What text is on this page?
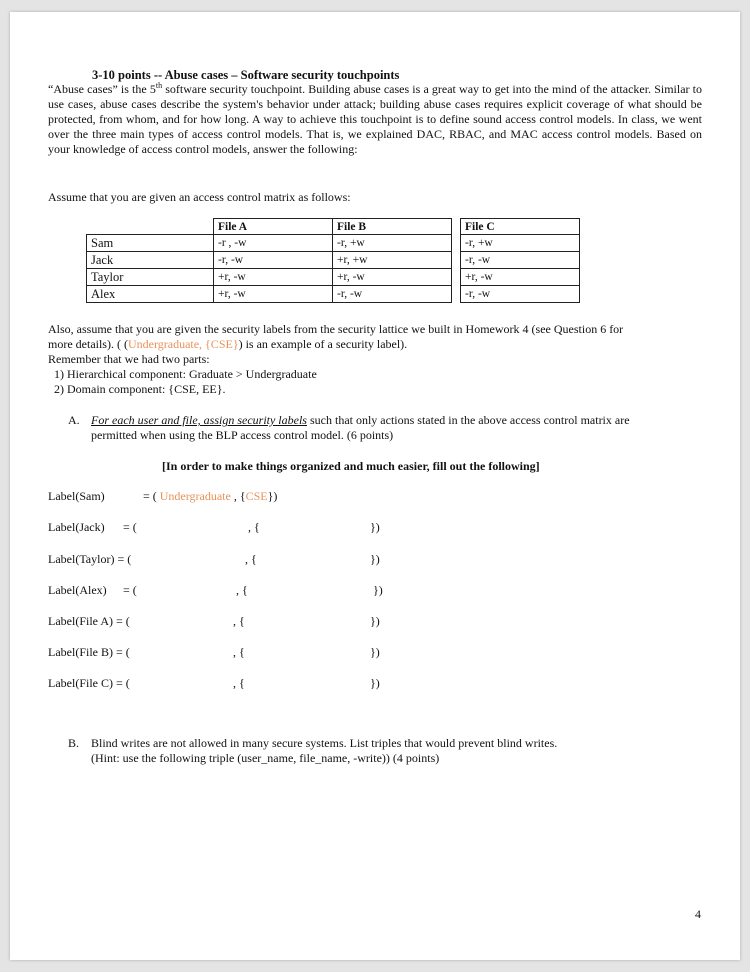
3-10 points -- Abuse cases – Software security touchpoints
“Abuse cases” is the 5th software security touchpoint. Building abuse cases is a great way to get into the mind of the attacker. Similar to use cases, abuse cases describe the system's behavior under attack; building abuse cases requires explicit coverage of what should be protected, from whom, and for how long. A way to achieve this touchpoint is to define sound access control models. In class, we went over the three main types of access control models. That is, we explained DAC, RBAC, and MAC access control models. Based on your knowledge of access control models, answer the following:
Assume that you are given an access control matrix as follows:
	File A	File B		File C
Sam	-r , -w	-r, +w		-r, +w
Jack	-r, -w	+r, +w		-r, -w
Taylor	+r, -w	+r, -w		+r, -w
Alex	+r, -w	-r, -w		-r, -w
Also, assume that you are given the security labels from the security lattice we built in Homework 4 (see Question 6 for
more details). ( (Undergraduate, {CSE}) is an example of a security label).
Remember that we had two parts:
1) Hierarchical component: Graduate > Undergraduate
2) Domain component: {CSE, EE}.
A. For each user and file, assign security labels such that only actions stated in the above access control matrix are
permitted when using the BLP access control model. (6 points)
[In order to make things organized and much easier, fill out the following]
Label(Sam)	= ( Undergraduate , {CSE})
Label(Jack) = (	, {	})
Label(Taylor) = (	, {	})
Label(Alex) = (	, {	})
Label(File A) = (	, {	})
Label(File B) = (	, {	})
Label(File C) = (	, {	})
B. Blind writes are not allowed in many secure systems. List triples that would prevent blind writes.
(Hint: use the following triple (user_name, file_name, -write)) (4 points)
4
